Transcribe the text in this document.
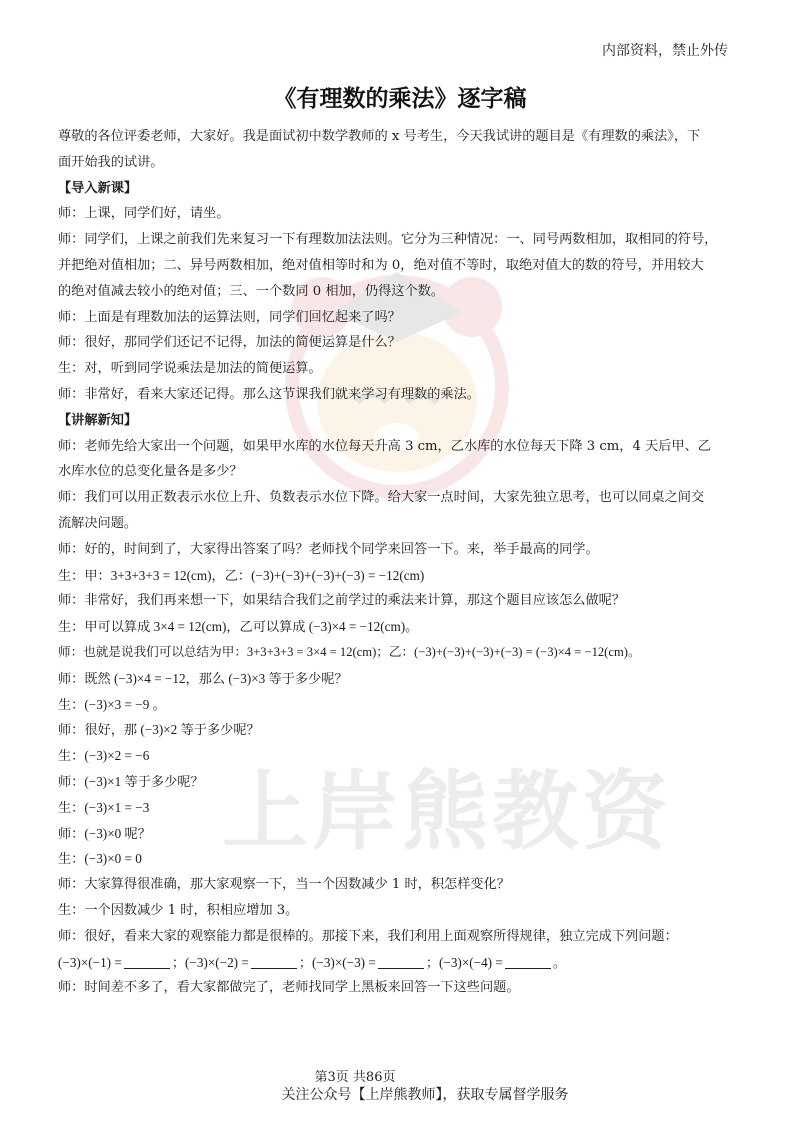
上岸熊教资
内部资料，禁止外传
《有理数的乘法》逐字稿
尊敬的各位评委老师，大家好。我是面试初中数学教师的 x 号考生，今天我试讲的题目是《有理数的乘法》，下
面开始我的试讲。
【导入新课】
师：上课，同学们好，请坐。
师：同学们，上课之前我们先来复习一下有理数加法法则。它分为三种情况：一、同号两数相加，取相同的符号，
并把绝对值相加；二、异号两数相加，绝对值相等时和为 0，绝对值不等时，取绝对值大的数的符号，并用较大
的绝对值减去较小的绝对值；三、一个数同 0 相加，仍得这个数。
师：上面是有理数加法的运算法则，同学们回忆起来了吗？
师：很好，那同学们还记不记得，加法的简便运算是什么？
生：对，听到同学说乘法是加法的简便运算。
师：非常好，看来大家还记得。那么这节课我们就来学习有理数的乘法。
【讲解新知】
师：老师先给大家出一个问题，如果甲水库的水位每天升高 3 cm，乙水库的水位每天下降 3 cm，4 天后甲、乙
水库水位的总变化量各是多少？
师：我们可以用正数表示水位上升、负数表示水位下降。给大家一点时间，大家先独立思考，也可以同桌之间交
流解决问题。
师：好的，时间到了，大家得出答案了吗？老师找个同学来回答一下。来，举手最高的同学。
生：甲：3+3+3+3 = 12(cm)，乙：(−3)+(−3)+(−3)+(−3) = −12(cm)
师：非常好，我们再来想一下，如果结合我们之前学过的乘法来计算，那这个题目应该怎么做呢？
生：甲可以算成 3×4 = 12(cm)，乙可以算成 (−3)×4 = −12(cm)。
师：也就是说我们可以总结为甲：3+3+3+3 = 3×4 = 12(cm)；乙：(−3)+(−3)+(−3)+(−3) = (−3)×4 = −12(cm)。
师：既然 (−3)×4 = −12，那么 (−3)×3 等于多少呢？
生：(−3)×3 = −9 。
师：很好，那 (−3)×2 等于多少呢？
生：(−3)×2 = −6
师：(−3)×1 等于多少呢？
生：(−3)×1 = −3
师：(−3)×0 呢？
生：(−3)×0 = 0
师：大家算得很准确，那大家观察一下，当一个因数减少 1 时，积怎样变化？
生：一个因数减少 1 时，积相应增加 3。
师：很好，看来大家的观察能力都是很棒的。那接下来，我们利用上面观察所得规律，独立完成下列问题：
(−3)×(−1) =	；(−3)×(−2) =	；(−3)×(−3) =	；(−3)×(−4) =	。
师：时间差不多了，看大家都做完了，老师找同学上黑板来回答一下这些问题。
第3页 共86页
关注公众号【上岸熊教师】，获取专属督学服务
